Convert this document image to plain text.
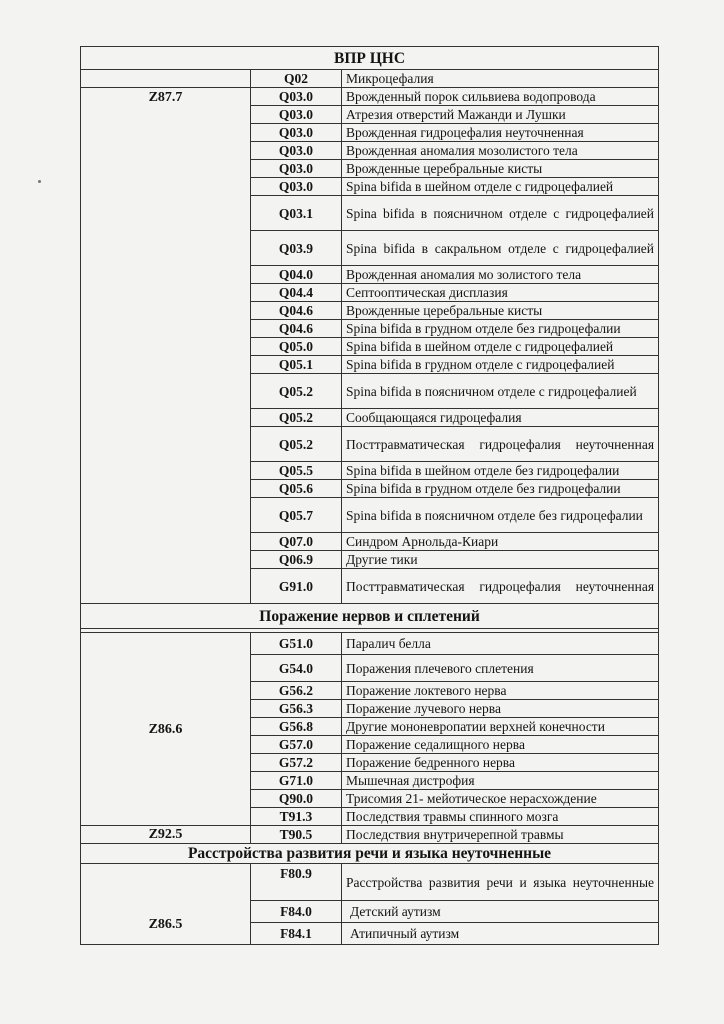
ВПР ЦНС		
	Q02	Микроцефалия
Z87.7	Q03.0	Врожденный порок сильвиева водопровода
	Q03.0	Атрезия отверстий Мажанди и Лушки
	Q03.0	Врожденная гидроцефалия неуточненная
	Q03.0	Врожденная аномалия мозолистого тела
	Q03.0	Врожденные церебральные кисты
	Q03.0	Spina bifida в шейном отделе с гидроцефалией
	Q03.1	Spina bifida в поясничном отделе с гидроцефалией
	Q03.9	Spina bifida в сакральном отделе с гидроцефалией
	Q04.0	Врожденная аномалия мо золистого тела
	Q04.4	Септооптическая дисплазия
	Q04.6	Врожденные церебральные кисты
	Q04.6	Spina bifida в грудном отделе без гидроцефалии
	Q05.0	Spina bifida в шейном отделе с гидроцефалией
	Q05.1	Spina bifida в грудном отделе с гидроцефалией
	Q05.2	Spina bifida в поясничном отделе с гидроцефалией
	Q05.2	Сообщающаяся гидроцефалия
	Q05.2	Посттравматическая гидроцефалия неуточненная
	Q05.5	Spina bifida в шейном отделе без гидроцефалии
	Q05.6	Spina bifida в грудном отделе без гидроцефалии
	Q05.7	Spina bifida в поясничном отделе без гидроцефалии
	Q07.0	Синдром Арнольда-Киари
	Q06.9	Другие тики
	G91.0	Посттравматическая гидроцефалия неуточненная
Поражение нервов и сплетений		

Z86.6	G51.0	Паралич белла
	G54.0	Поражения плечевого сплетения
	G56.2	Поражение локтевого нерва
	G56.3	Поражение лучевого нерва
	G56.8	Другие мононевропатии верхней конечности
	G57.0	Поражение седалищного нерва
	G57.2	Поражение бедренного нерва
	G71.0	Мышечная дистрофия
	Q90.0	Трисомия 21- мейотическое нерасхождение
	T91.3	Последствия травмы спинного мозга
Z92.5	T90.5	Последствия внутричерепной травмы
Расстройства развития речи и языка неуточненные		
Z86.5	F80.9	Расстройства развития речи и языка неуточненные
	F84.0	Детский аутизм
	F84.1	Атипичный аутизм
